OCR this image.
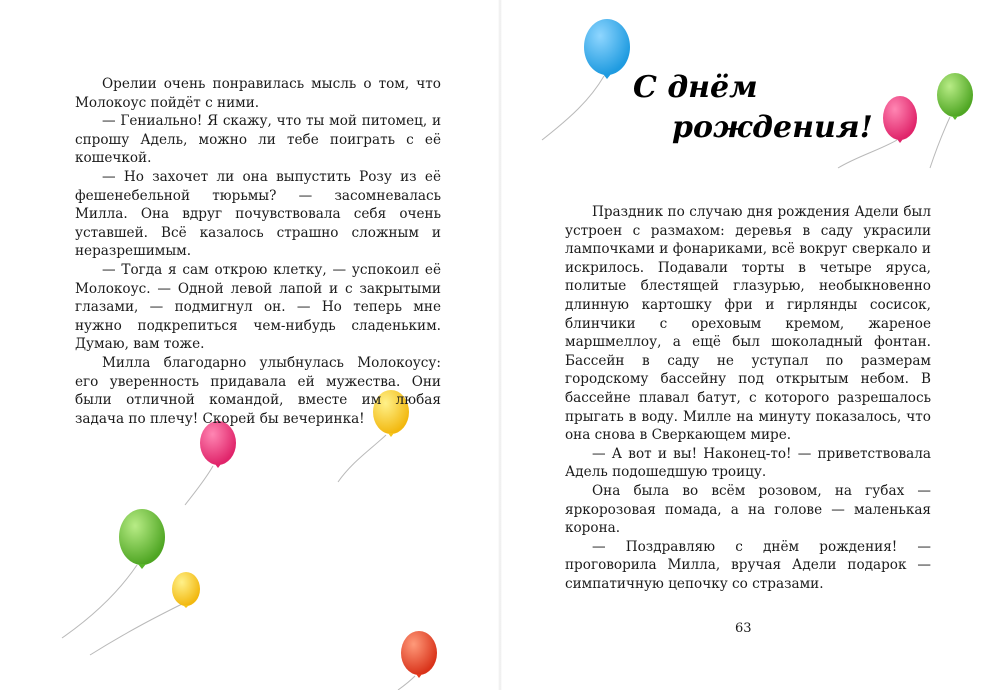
Орелии очень понравилась мысль о том, что Молокоус пойдёт с ними.

— Гениально! Я скажу, что ты мой питомец, и спрошу Адель, можно ли тебе поиграть с её кошечкой.

— Но захочет ли она выпустить Розу из её фешенебельной тюрьмы? — засомневалась Милла. Она вдруг почувствовала себя очень уставшей. Всё казалось страшно сложным и неразрешимым.

— Тогда я сам открою клетку, — успокоил её Молокоус. — Одной левой лапой и с закрытыми глазами, — подмигнул он. — Но теперь мне нужно подкрепиться чем-нибудь сладеньким. Думаю, вам тоже.

Милла благодарно улыбнулась Молокоусу: его уверенность придавала ей мужества. Они были отличной командой, вместе им любая задача по плечу! Скорей бы вечеринка!

С днём
рождения!

Праздник по случаю дня рождения Адели был устроен с размахом: деревья в саду украсили лампочками и фонариками, всё вокруг сверкало и искрилось. Подавали торты в четыре яруса, политые блестящей глазурью, необыкновенно длинную картошку фри и гирлянды сосисок, блинчики с ореховым кремом, жареное маршмеллоу, а ещё был шоколадный фонтан. Бассейн в саду не уступал по размерам городскому бассейну под открытым небом. В бассейне плавал батут, с которого разрешалось прыгать в воду. Милле на минуту показалось, что она снова в Сверкающем мире.

— А вот и вы! Наконец-то! — приветствовала Адель подошедшую троицу.

Она была во всём розовом, на губах — яркорозовая помада, а на голове — маленькая корона.

— Поздравляю с днём рождения! — проговорила Милла, вручая Адели подарок — симпатичную цепочку со стразами.

63
